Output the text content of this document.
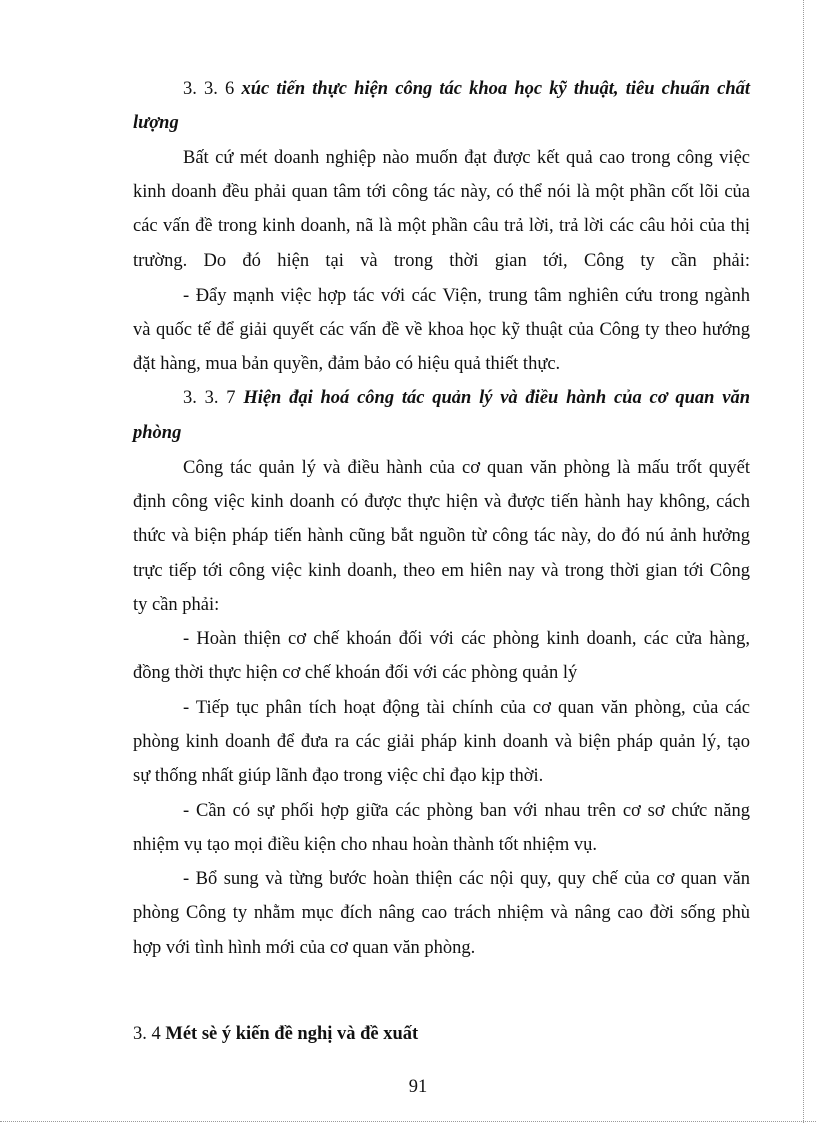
3. 3. 6 xúc tiến thực hiện công tác khoa học kỹ thuật, tiêu chuẩn chất
lượng
Bất cứ mét doanh nghiệp nào muốn đạt được kết quả cao trong công việc
kinh doanh đều phải quan tâm tới công tác này, có thể nói là một phần cốt lõi của
các vấn đề trong kinh doanh, nã là một phần câu trả lời, trả lời các câu hỏi của thị
trường. Do đó hiện tại và trong thời gian tới, Công ty cần phải:
- Đẩy mạnh việc hợp tác với các Viện, trung tâm nghiên cứu trong ngành
và quốc tế để giải quyết các vấn đề về khoa học kỹ thuật của Công ty theo hướng
đặt hàng, mua bản quyền, đảm bảo có hiệu quả thiết thực.
3. 3. 7 Hiện đại hoá công tác quản lý và điều hành của cơ quan văn
phòng
Công tác quản lý và điều hành của cơ quan văn phòng là mấu trốt quyết
định công việc kinh doanh có được thực hiện và được tiến hành hay không, cách
thức và biện pháp tiến hành cũng bắt nguồn từ công tác này, do đó nú ảnh hưởng
trực tiếp tới công việc kinh doanh, theo em hiên nay và trong thời gian tới Công
ty cần phải:
- Hoàn thiện cơ chế khoán đối với các phòng kinh doanh, các cửa hàng,
đồng thời thực hiện cơ chế khoán đối với các phòng quản lý
- Tiếp tục phân tích hoạt động tài chính của cơ quan văn phòng, của các
phòng kinh doanh để đưa ra các giải pháp kinh doanh và biện pháp quản lý, tạo
sự thống nhất giúp lãnh đạo trong việc chỉ đạo kịp thời.
- Cần có sự phối hợp giữa các phòng ban với nhau trên cơ sơ chức năng
nhiệm vụ tạo mọi điều kiện cho nhau hoàn thành tốt nhiệm vụ.
- Bổ sung và từng bước hoàn thiện các nội quy, quy chế của cơ quan văn
phòng Công ty nhằm mục đích nâng cao trách nhiệm và nâng cao đời sống phù
hợp với tình hình mới của cơ quan văn phòng.
3. 4 Mét sè ý kiến đề nghị và đề xuất
91
